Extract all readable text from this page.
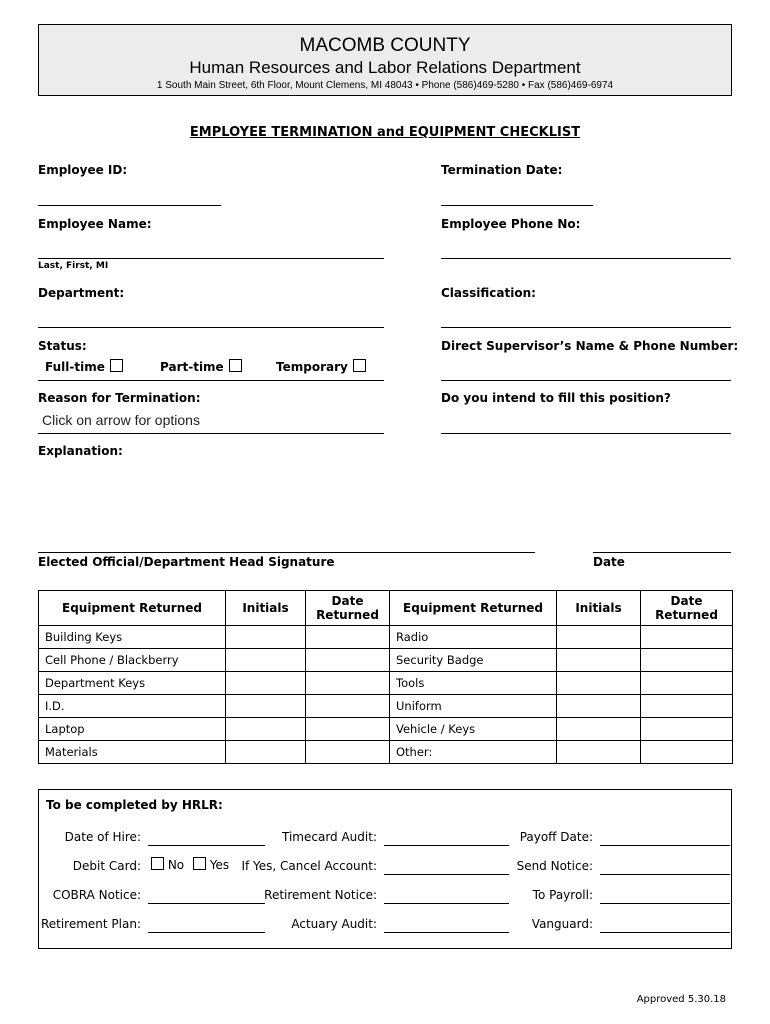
MACOMB COUNTY
Human Resources and Labor Relations Department
1 South Main Street, 6th Floor, Mount Clemens, MI 48043 • Phone (586)469-5280 • Fax (586)469-6974
EMPLOYEE TERMINATION and EQUIPMENT CHECKLIST
Employee ID:	Termination Date:
Employee Name:
Last, First, MI
Employee Phone No:
Department:	Classification:
Status:
Full-time	Part-time	Temporary
Direct Supervisor’s Name & Phone Number:
Reason for Termination:
Click on arrow for options
Do you intend to fill this position?
Explanation:
Elected Official/Department Head Signature	Date
Equipment Returned	Initials	Date Returned	Equipment Returned	Initials	Date Returned
Building Keys			Radio		
Cell Phone / Blackberry			Security Badge		
Department Keys			Tools		
I.D.			Uniform		
Laptop			Vehicle / Keys		
Materials			Other:		
To be completed by HRLR:
Date of Hire:	Timecard Audit:	Payoff Date:
Debit Card:	No Yes If Yes, Cancel Account:	Send Notice:
COBRA Notice:	Retirement Notice:	To Payroll:
Retirement Plan:	Actuary Audit:	Vanguard:
Approved 5.30.18
